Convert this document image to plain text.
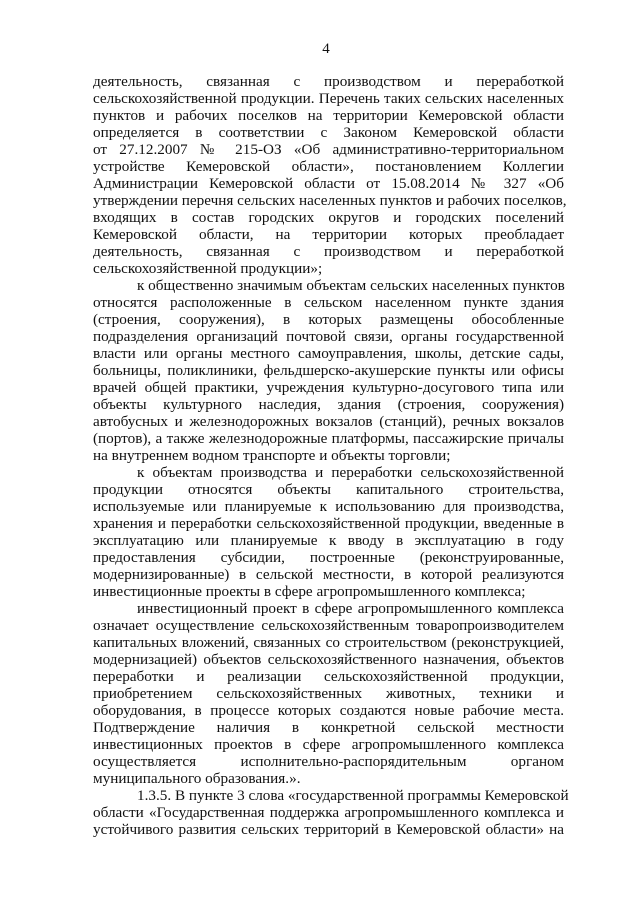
4
деятельность, связанная с производством и переработкой
сельскохозяйственной продукции. Перечень таких сельских населенных
пунктов и рабочих поселков на территории Кемеровской области
определяется в соответствии с Законом Кемеровской области
от 27.12.2007 № 215-ОЗ «Об административно-территориальном
устройстве Кемеровской области», постановлением Коллегии
Администрации Кемеровской области от 15.08.2014 № 327 «Об
утверждении перечня сельских населенных пунктов и рабочих поселков,
входящих в состав городских округов и городских поселений
Кемеровской области, на территории которых преобладает
деятельность, связанная с производством и переработкой
сельскохозяйственной продукции»;
к общественно значимым объектам сельских населенных пунктов
относятся расположенные в сельском населенном пункте здания
(строения, сооружения), в которых размещены обособленные
подразделения организаций почтовой связи, органы государственной
власти или органы местного самоуправления, школы, детские сады,
больницы, поликлиники, фельдшерско-акушерские пункты или офисы
врачей общей практики, учреждения культурно-досугового типа или
объекты культурного наследия, здания (строения, сооружения)
автобусных и железнодорожных вокзалов (станций), речных вокзалов
(портов), а также железнодорожные платформы, пассажирские причалы
на внутреннем водном транспорте и объекты торговли;
к объектам производства и переработки сельскохозяйственной
продукции относятся объекты капитального строительства,
используемые или планируемые к использованию для производства,
хранения и переработки сельскохозяйственной продукции, введенные в
эксплуатацию или планируемые к вводу в эксплуатацию в году
предоставления субсидии, построенные (реконструированные,
модернизированные) в сельской местности, в которой реализуются
инвестиционные проекты в сфере агропромышленного комплекса;
инвестиционный проект в сфере агропромышленного комплекса
означает осуществление сельскохозяйственным товаропроизводителем
капитальных вложений, связанных со строительством (реконструкцией,
модернизацией) объектов сельскохозяйственного назначения, объектов
переработки и реализации сельскохозяйственной продукции,
приобретением сельскохозяйственных животных, техники и
оборудования, в процессе которых создаются новые рабочие места.
Подтверждение наличия в конкретной сельской местности
инвестиционных проектов в сфере агропромышленного комплекса
осуществляется исполнительно-распорядительным органом
муниципального образования.».
1.3.5. В пункте 3 слова «государственной программы Кемеровской
области «Государственная поддержка агропромышленного комплекса и
устойчивого развития сельских территорий в Кемеровской области» на
